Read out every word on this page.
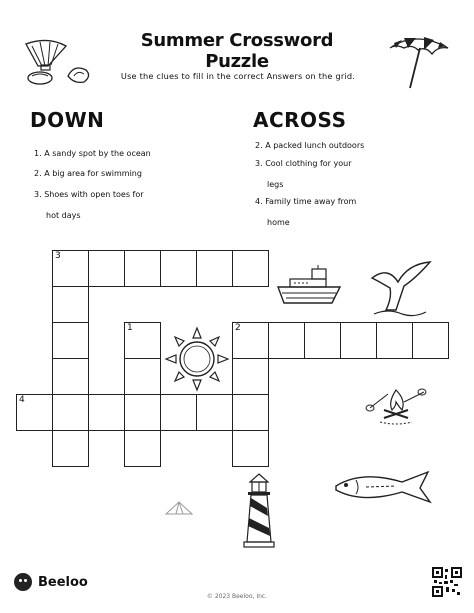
Summer Crossword Puzzle
Use the clues to fill in the correct Answers on the grid.
DOWN	ACROSS
1. A sandy spot by the ocean
2. A big area for swimming
3. Shoes with open toes for
hot days
2. A packed lunch outdoors
3. Cool clothing for your
legs
4. Family time away from
home
3
1	2
4
Beeloo
© 2023 Beeloo, Inc.
